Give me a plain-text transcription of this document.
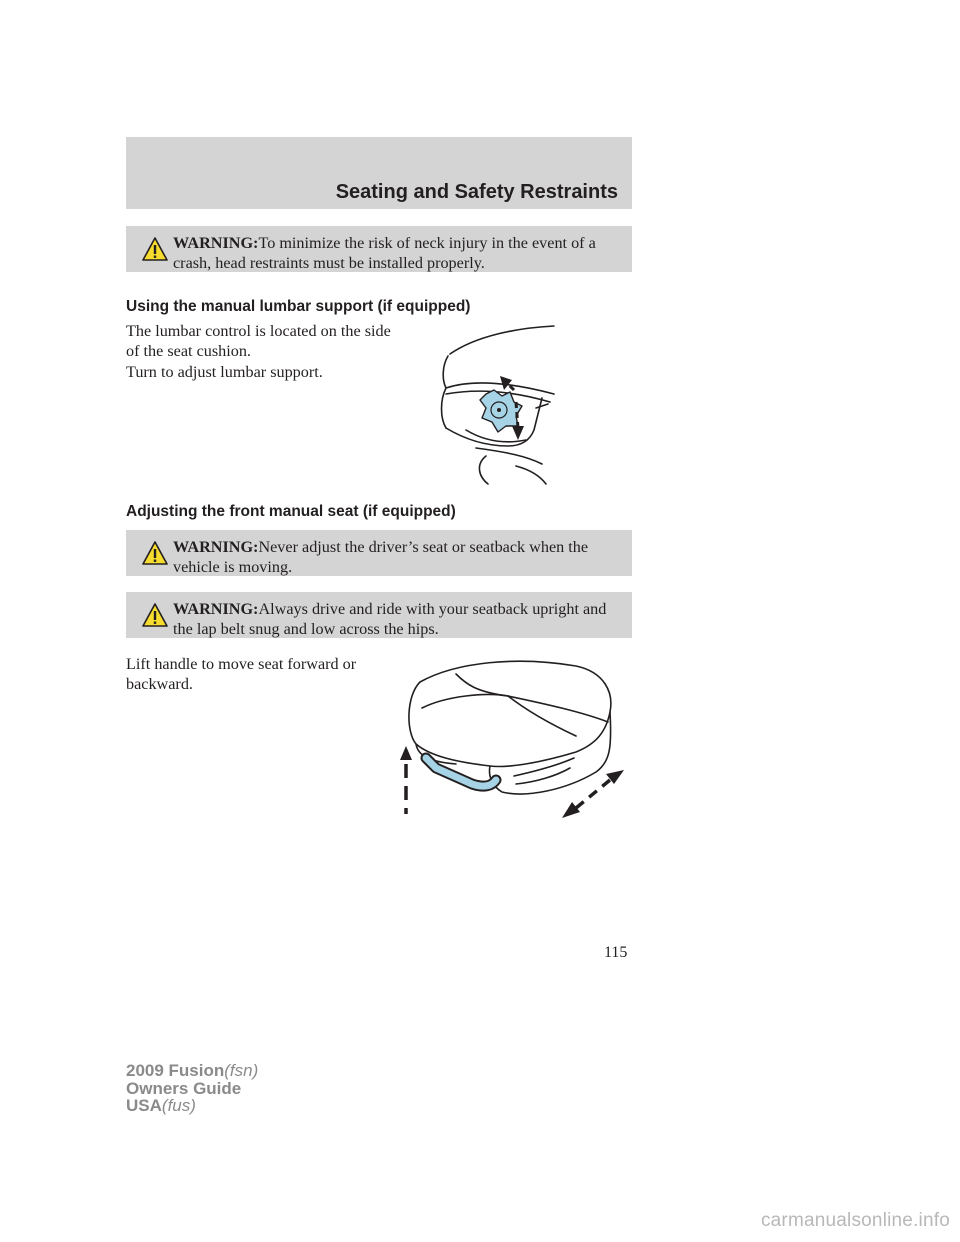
Seating and Safety Restraints

WARNING:To minimize the risk of neck injury in the event of a crash, head restraints must be installed properly.

Using the manual lumbar support (if equipped)

The lumbar control is located on the side of the seat cushion.

Turn to adjust lumbar support.

Adjusting the front manual seat (if equipped)

WARNING:Never adjust the driver’s seat or seatback when the vehicle is moving.

WARNING:Always drive and ride with your seatback upright and the lap belt snug and low across the hips.

Lift handle to move seat forward or backward.

115

2009 Fusion(fsn)
Owners Guide
USA(fus)

carmanualsonline.info
